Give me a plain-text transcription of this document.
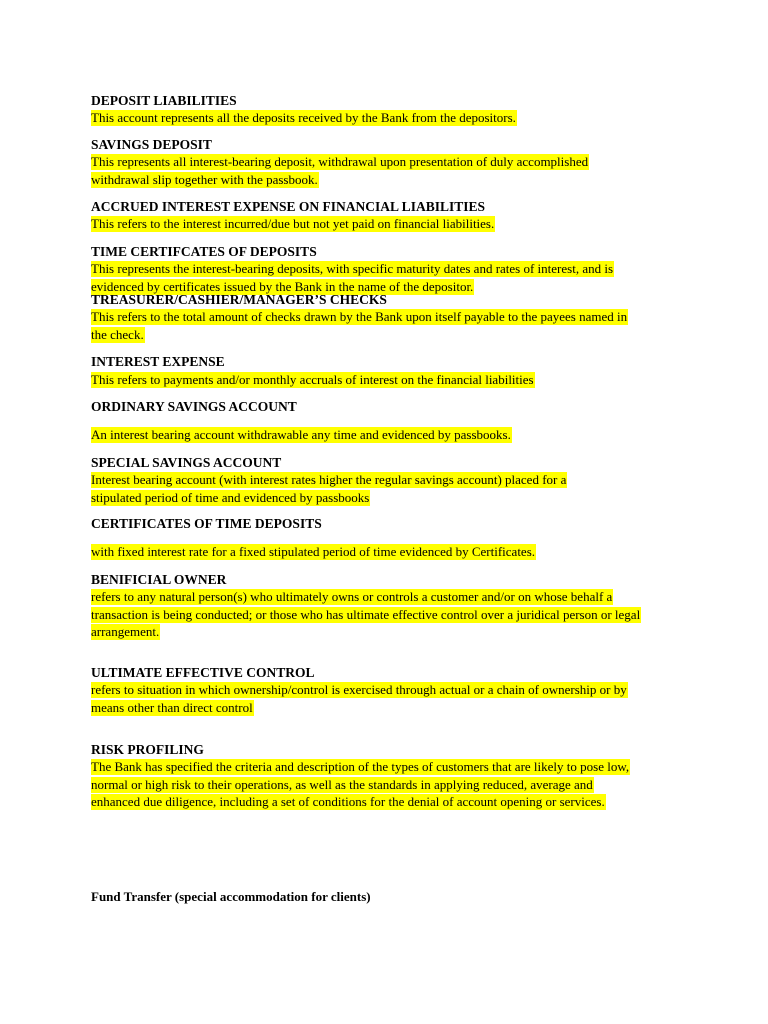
DEPOSIT LIABILITIES
This account represents all the deposits received by the Bank from the depositors.
SAVINGS DEPOSIT
This represents all interest-bearing deposit, withdrawal upon presentation of duly accomplished
withdrawal slip together with the passbook.
ACCRUED INTEREST EXPENSE ON FINANCIAL LIABILITIES
This refers to the interest incurred/due but not yet paid on financial liabilities.
TIME CERTIFCATES OF DEPOSITS
This represents the interest-bearing deposits, with specific maturity dates and rates of interest, and is
evidenced by certificates issued by the Bank in the name of the depositor.
TREASURER/CASHIER/MANAGER’S CHECKS
This refers to the total amount of checks drawn by the Bank upon itself payable to the payees named in
the check.
INTEREST EXPENSE
This refers to payments and/or monthly accruals of interest on the financial liabilities
ORDINARY SAVINGS ACCOUNT
An interest bearing account withdrawable any time and evidenced by passbooks.
SPECIAL SAVINGS ACCOUNT
Interest bearing account (with interest rates higher the regular savings account) placed for a
stipulated period of time and evidenced by passbooks
CERTIFICATES OF TIME DEPOSITS
with fixed interest rate for a fixed stipulated period of time evidenced by Certificates.
BENIFICIAL OWNER
refers to any natural person(s) who ultimately owns or controls a customer and/or on whose behalf a
transaction is being conducted; or those who has ultimate effective control over a juridical person or legal
arrangement.
ULTIMATE EFFECTIVE CONTROL
refers to situation in which ownership/control is exercised through actual or a chain of ownership or by
means other than direct control
RISK PROFILING
The Bank has specified the criteria and description of the types of customers that are likely to pose low,
normal or high risk to their operations, as well as the standards in applying reduced, average and
enhanced due diligence, including a set of conditions for the denial of account opening or services.
Fund Transfer (special accommodation for clients)
